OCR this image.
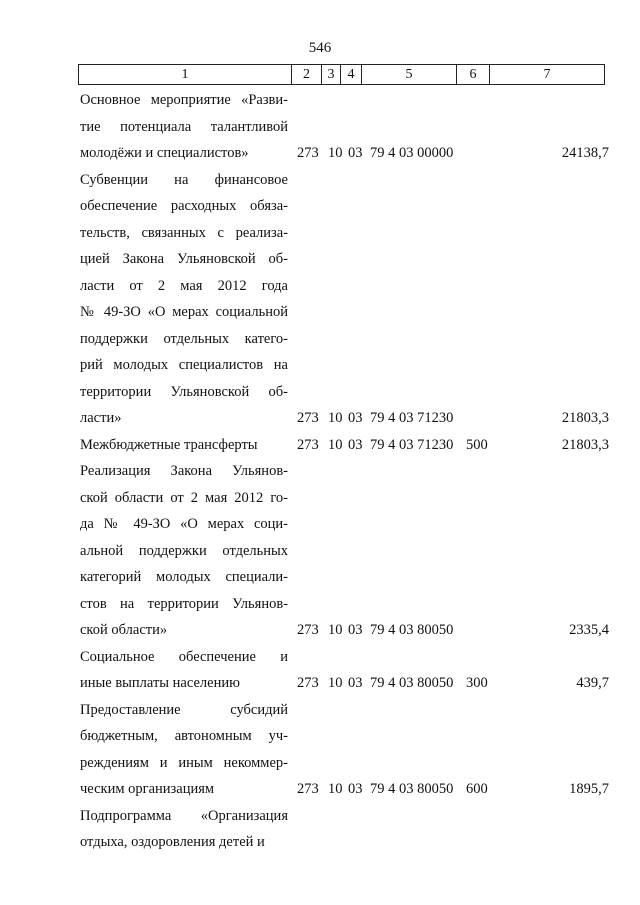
546
1	2	3	4	5	6	7
Основное мероприятие «Разви-
тие потенциала талантливой
молодёжи и специалистов»	273 10 03 79 4 03 00000	24138,7
Субвенции на финансовое
обеспечение расходных обяза-
тельств, связанных с реализа-
цией Закона Ульяновской об-
ласти от 2 мая 2012 года
№ 49-ЗО «О мерах социальной
поддержки отдельных катего-
рий молодых специалистов на
территории Ульяновской об-
ласти»	273 10 03 79 4 03 71230	21803,3
Межбюджетные трансферты	273 10 03 79 4 03 71230 500	21803,3
Реализация Закона Ульянов-
ской области от 2 мая 2012 го-
да № 49-ЗО «О мерах соци-
альной поддержки отдельных
категорий молодых специали-
стов на территории Ульянов-
ской области»	273 10 03 79 4 03 80050	2335,4
Социальное обеспечение и
иные выплаты населению	273 10 03 79 4 03 80050 300	439,7
Предоставление субсидий
бюджетным, автономным уч-
реждениям и иным некоммер-
ческим организациям	273 10 03 79 4 03 80050 600	1895,7
Подпрограмма «Организация
отдыха, оздоровления детей и
